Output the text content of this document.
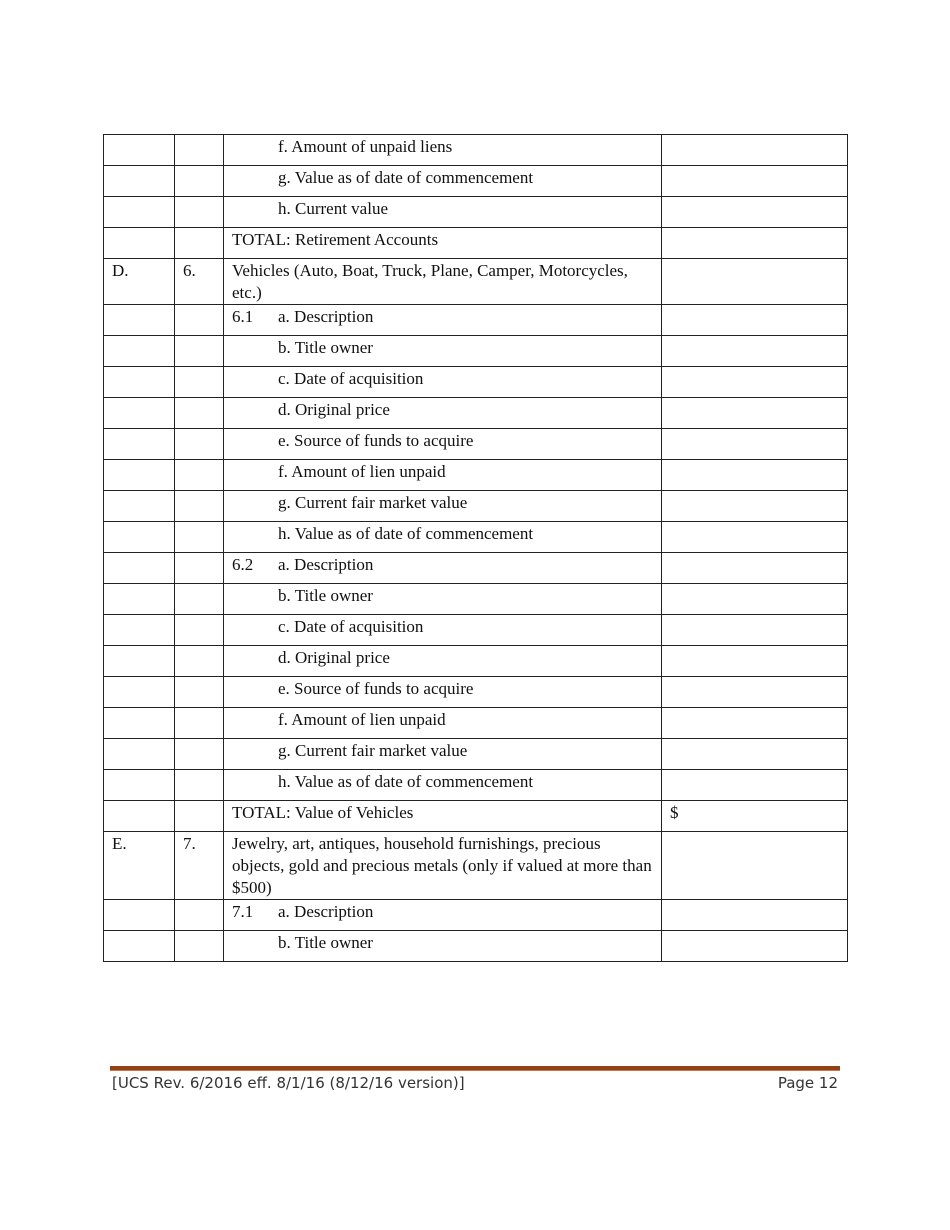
		f. Amount of unpaid liens	

		g. Value as of date of commencement	

		h. Current value	

		TOTAL: Retirement Accounts	
D.	6.	Vehicles (Auto, Boat, Truck, Plane, Camper, Motorcycles, etc.)	
		6.1 a. Description	

		b. Title owner	

		c. Date of acquisition	

		d. Original price	

		e. Source of funds to acquire	

		f. Amount of lien unpaid	

		g. Current fair market value	

		h. Value as of date of commencement	

		6.2 a. Description	

		b. Title owner	

		c. Date of acquisition	

		d. Original price	

		e. Source of funds to acquire	

		f. Amount of lien unpaid	

		g. Current fair market value	

		h. Value as of date of commencement	

		TOTAL: Value of Vehicles	$
E.	7.	Jewelry, art, antiques, household furnishings, precious objects, gold and precious metals (only if valued at more than $500)	
		7.1 a. Description	

		b. Title owner	

[UCS Rev. 6/2016 eff. 8/1/16 (8/12/16 version)]	Page 12
